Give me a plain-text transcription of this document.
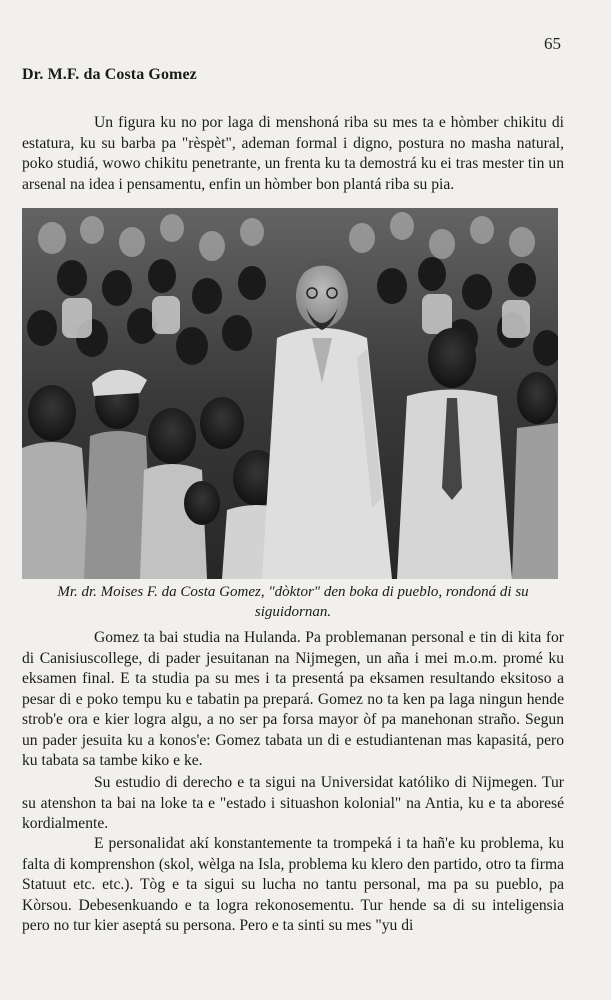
65
Dr. M.F. da Costa Gomez
Un figura ku no por laga di menshoná riba su mes ta e hòmber chikitu di estatura, ku su barba pa "rèspèt", ademan formal i digno, postura no masha natural, poko studiá, wowo chikitu penetrante, un frenta ku ta demostrá ku ei tras mester tin un arsenal na idea i pensamentu, enfin un hòmber bon plantá riba su pia.
Mr. dr. Moises F. da Costa Gomez, "dòktor" den boka di pueblo, rondoná di su siguidornan.
Gomez ta bai studia na Hulanda. Pa problemanan personal e tin di kita for di Canisiuscollege, di pader jesuitanan na Nijmegen, un aña i mei m.o.m. promé ku eksamen final. E ta studia pa su mes i ta presentá pa eksamen resultando eksitoso a pesar di e poko tempu ku e tabatin pa prepará. Gomez no ta ken pa laga ningun hende strob'e ora e kier logra algu, a no ser pa forsa mayor òf pa manehonan straño. Segun un pader jesuita ku a konos'e: Gomez tabata un di e estudiantenan mas kapasitá, pero ku tabata sa tambe kiko e ke.
Su estudio di derecho e ta sigui na Universidat katóliko di Nijmegen. Tur su atenshon ta bai na loke ta e "estado i situashon kolonial" na Antia, ku e ta aboresé kordialmente.
E personalidat akí konstantemente ta trompeká i ta hañ'e ku problema, ku falta di komprenshon (skol, wèlga na Isla, problema ku klero den partido, otro ta firma Statuut etc. etc.). Tòg e ta sigui su lucha no tantu personal, ma pa su pueblo, pa Kòrsou. Debesenkuando e ta logra rekonosementu. Tur hende sa di su inteligensia pero no tur kier aseptá su persona. Pero e ta sinti su mes "yu di
